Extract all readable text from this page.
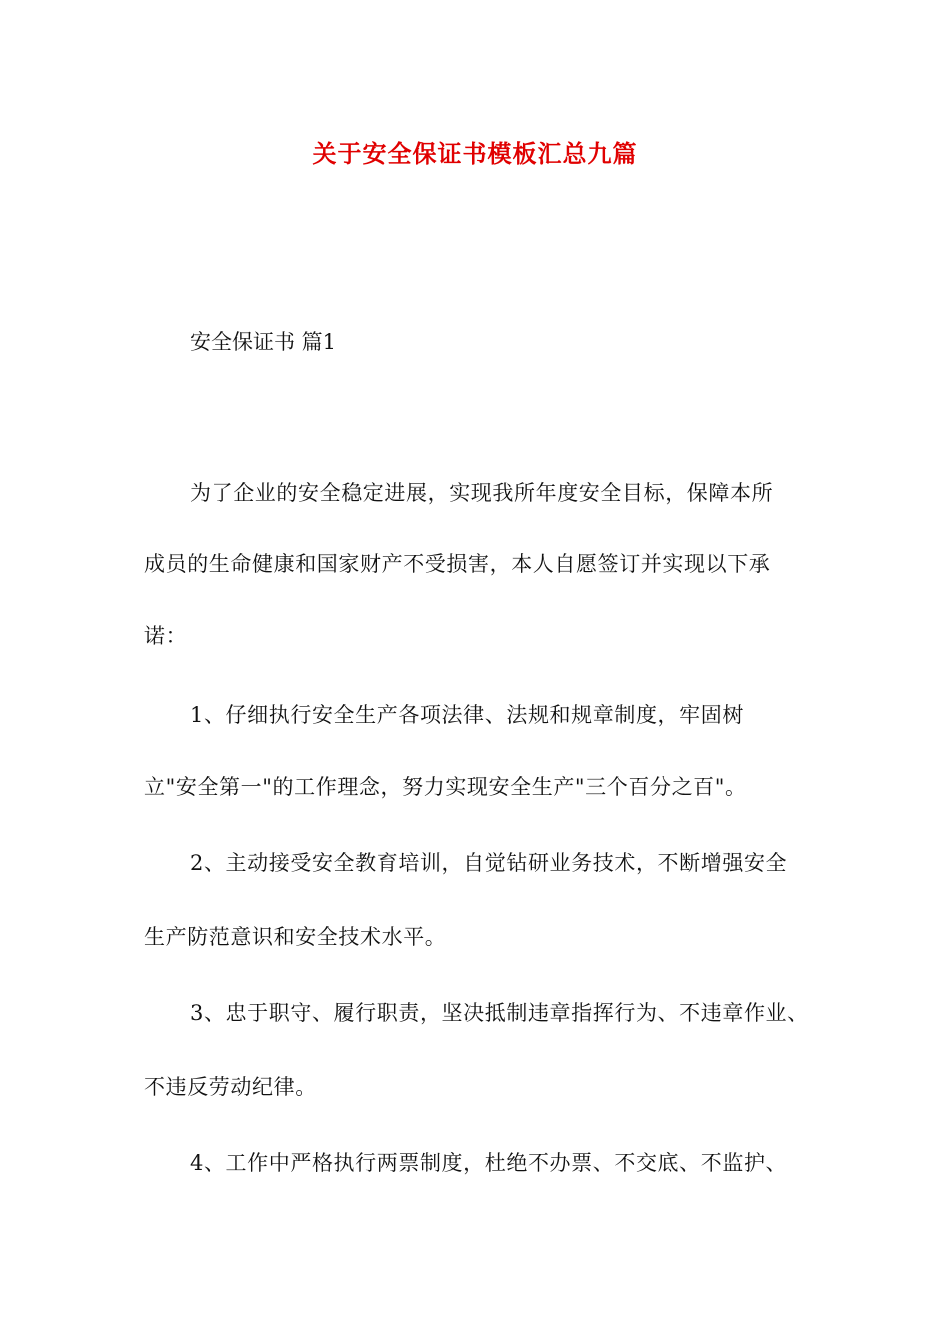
关于安全保证书模板汇总九篇
安全保证书 篇1
为了企业的安全稳定进展，实现我所年度安全目标，保障本所
成员的生命健康和国家财产不受损害，本人自愿签订并实现以下承
诺：
1、仔细执行安全生产各项法律、法规和规章制度，牢固树
立"安全第一"的工作理念，努力实现安全生产"三个百分之百"。
2、主动接受安全教育培训，自觉钻研业务技术，不断增强安全
生产防范意识和安全技术水平。
3、忠于职守、履行职责，坚决抵制违章指挥行为、不违章作业、
不违反劳动纪律。
4、工作中严格执行两票制度，杜绝不办票、不交底、不监护、
